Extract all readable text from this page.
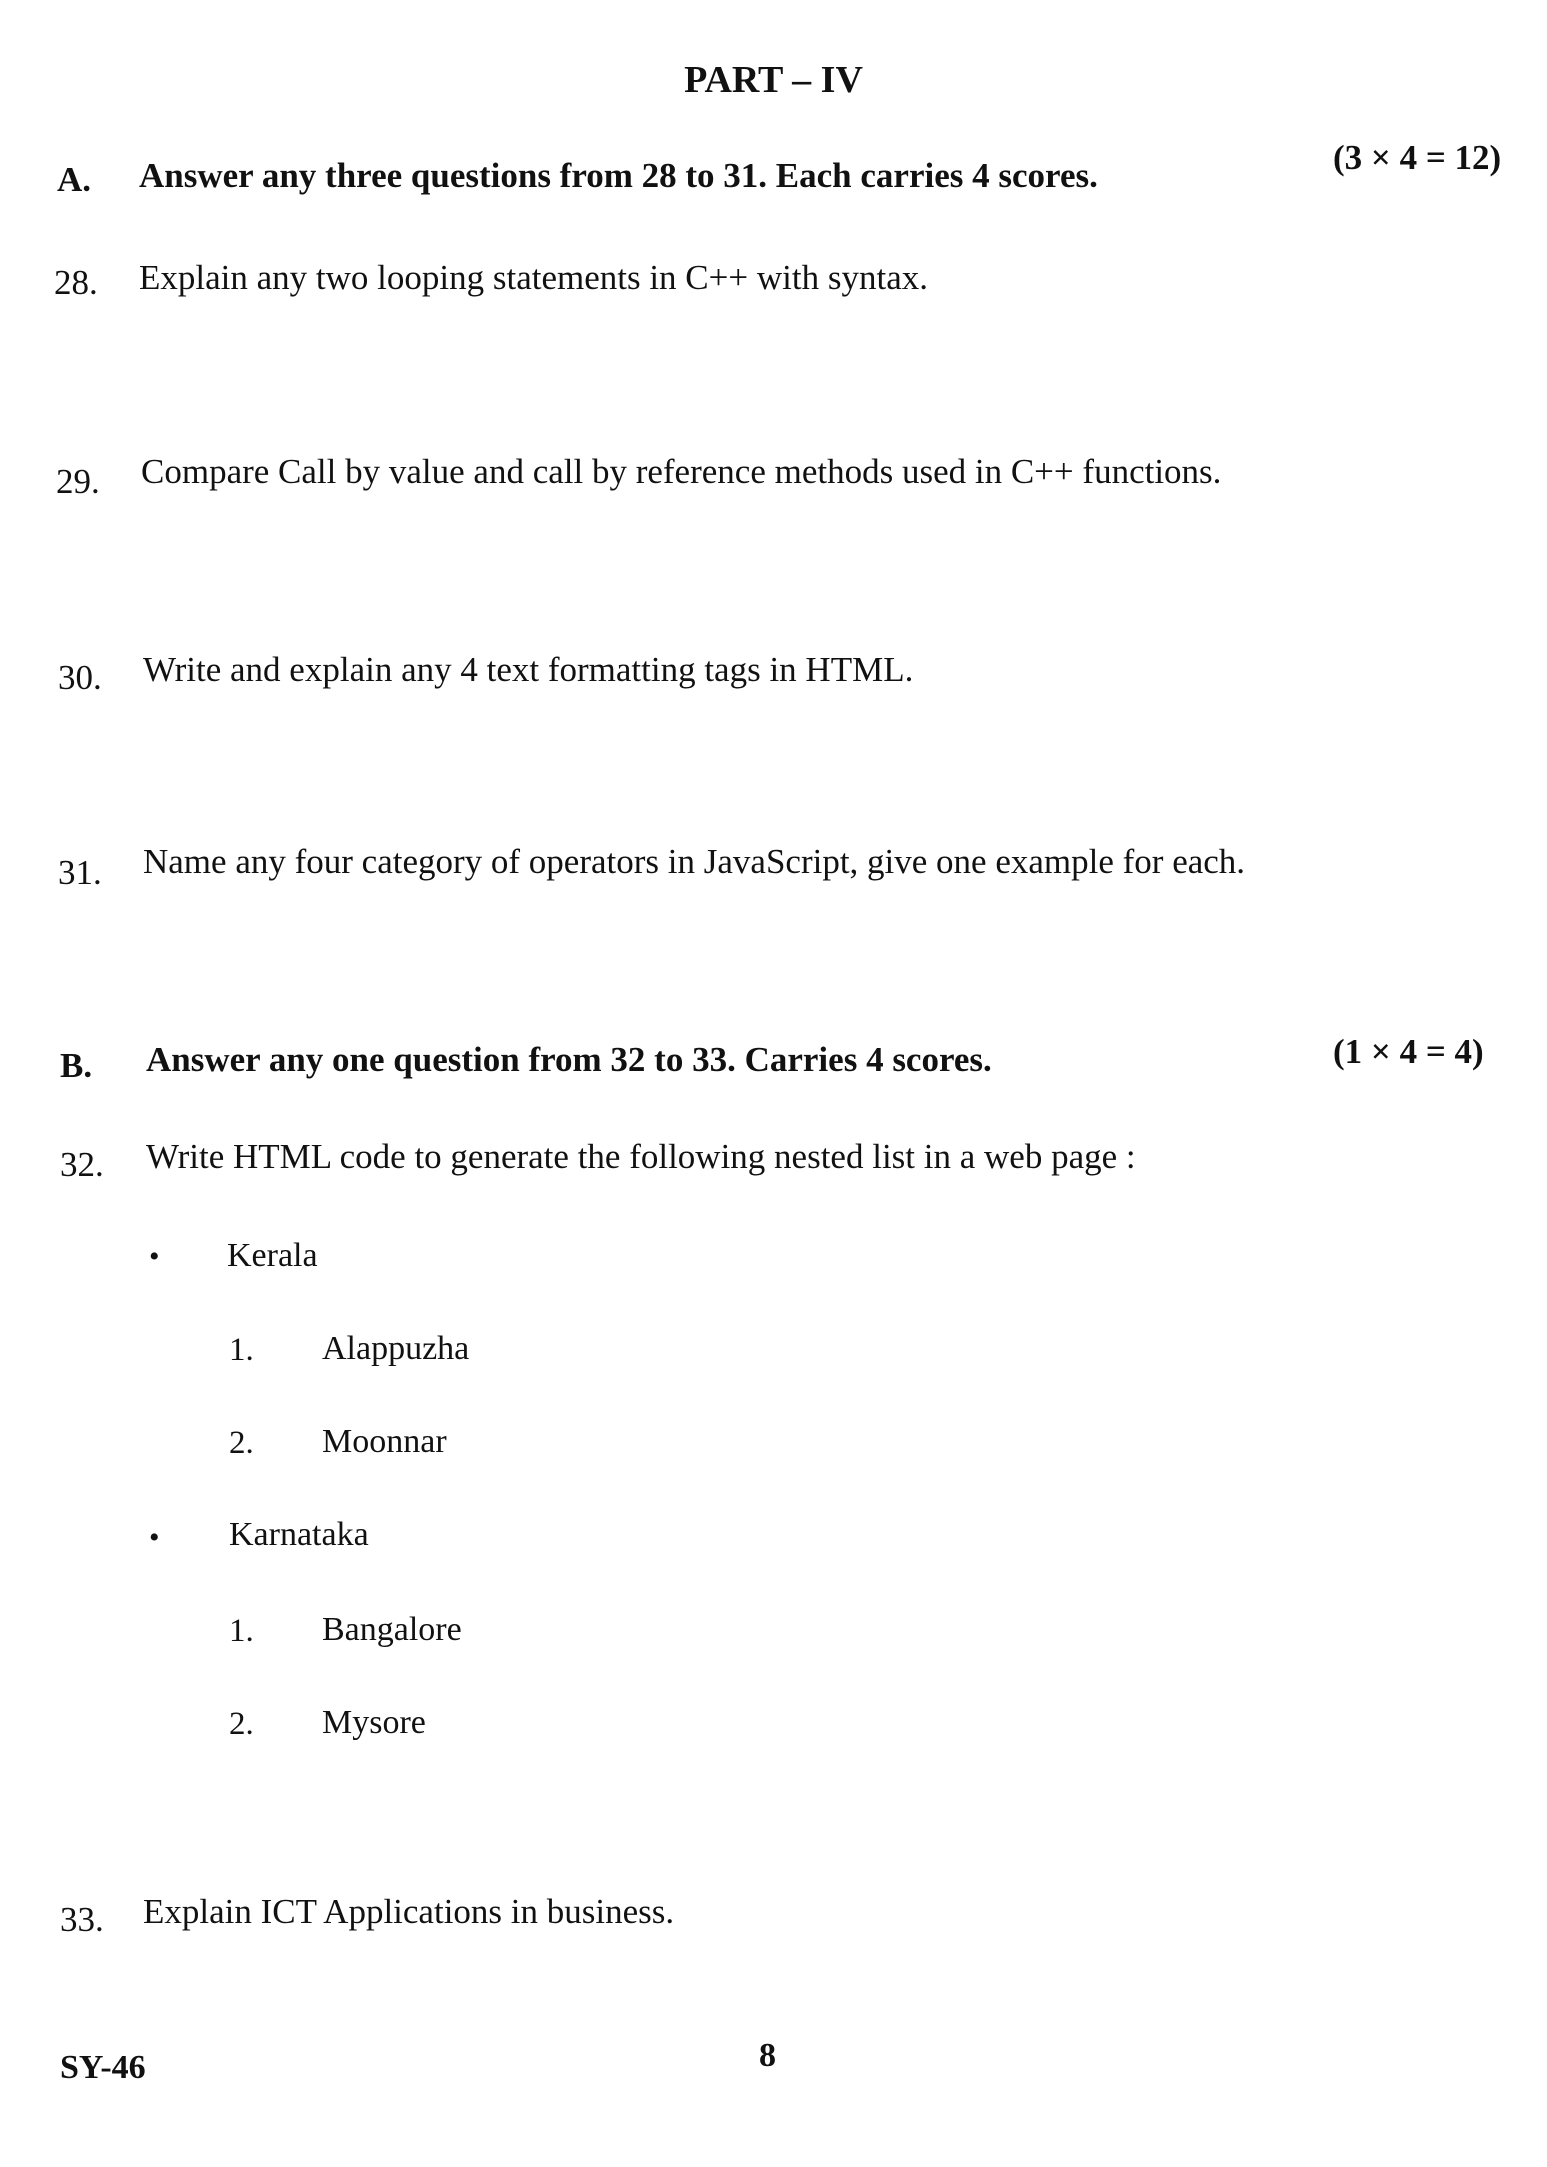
PART – IV
A. Answer any three questions from 28 to 31. Each carries 4 scores.	(3 × 4 = 12)
28. Explain any two looping statements in C++ with syntax.
29. Compare Call by value and call by reference methods used in C++ functions.
30. Write and explain any 4 text formatting tags in HTML.
31. Name any four category of operators in JavaScript, give one example for each.
B. Answer any one question from 32 to 33. Carries 4 scores.	(1 × 4 = 4)
32. Write HTML code to generate the following nested list in a web page :
• Kerala
1. Alappuzha
2. Moonnar
• Karnataka
1. Bangalore
2. Mysore
33. Explain ICT Applications in business.
SY-46	8
